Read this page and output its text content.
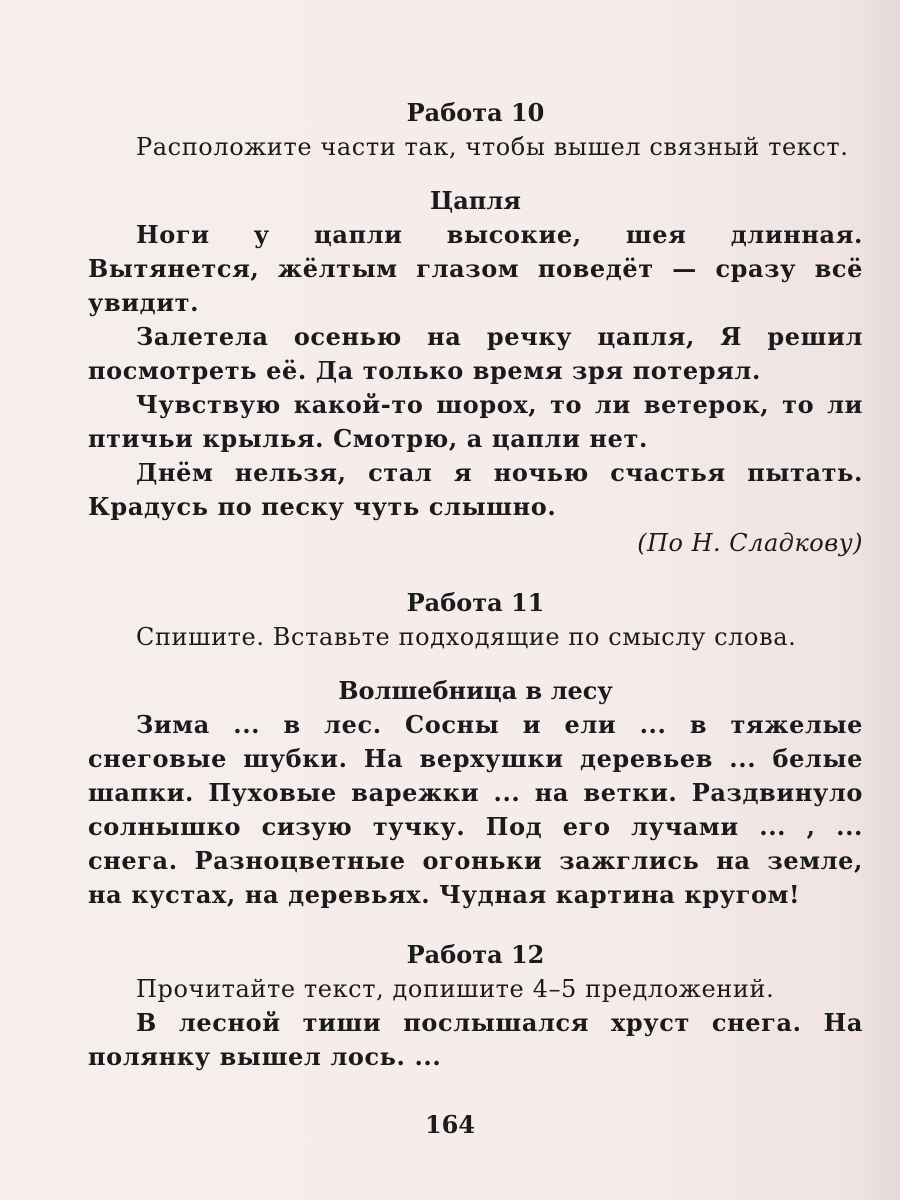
Работа 10

Расположите части так, чтобы вышел связный текст.

Цапля

Ноги у цапли высокие, шея длинная. Вытянется, жёлтым глазом поведёт — сразу всё увидит.

Залетела осенью на речку цапля, Я решил посмотреть её. Да только время зря потерял.

Чувствую какой-то шорох, то ли ветерок, то ли птичьи крылья. Смотрю, а цапли нет.

Днём нельзя, стал я ночью счастья пытать. Крадусь по песку чуть слышно.

(По Н. Сладкову)

Работа 11

Спишите. Вставьте подходящие по смыслу слова.

Волшебница в лесу

Зима ... в лес. Сосны и ели ... в тяжелые снеговые шубки. На верхушки деревьев ... белые шапки. Пуховые варежки ... на ветки. Раздвинуло солнышко сизую тучку. Под его лучами ... , ... снега. Разноцветные огоньки зажглись на земле, на кустах, на деревьях. Чудная картина кругом!

Работа 12

Прочитайте текст, допишите 4–5 предложений.

В лесной тиши послышался хруст снега. На полянку вышел лось. ...

164
